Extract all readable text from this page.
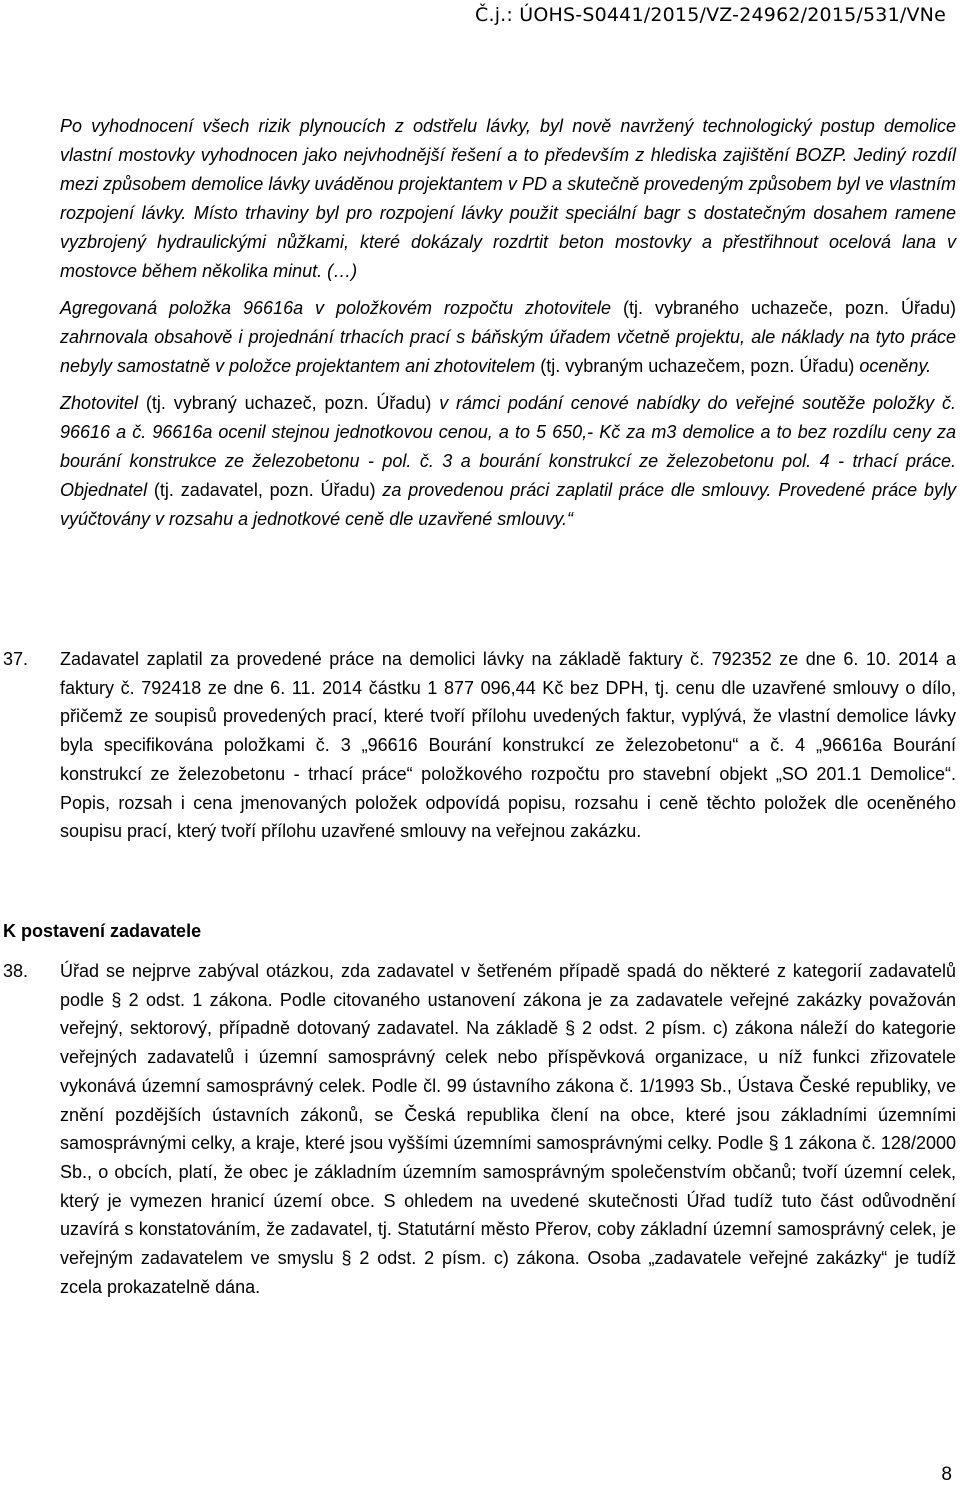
Č.j.: ÚOHS-S0441/2015/VZ-24962/2015/531/VNe

Po vyhodnocení všech rizik plynoucích z odstřelu lávky, byl nově navržený technologický postup demolice vlastní mostovky vyhodnocen jako nejvhodnější řešení a to především z hlediska zajištění BOZP. Jediný rozdíl mezi způsobem demolice lávky uváděnou projektantem v PD a skutečně provedeným způsobem byl ve vlastním rozpojení lávky. Místo trhaviny byl pro rozpojení lávky použit speciální bagr s dostatečným dosahem ramene vyzbrojený hydraulickými nůžkami, které dokázaly rozdrtit beton mostovky a přestřihnout ocelová lana v mostovce během několika minut. (…)

Agregovaná položka 96616a v položkovém rozpočtu zhotovitele (tj. vybraného uchazeče, pozn. Úřadu) zahrnovala obsahově i projednání trhacích prací s báňským úřadem včetně projektu, ale náklady na tyto práce nebyly samostatně v položce projektantem ani zhotovitelem (tj. vybraným uchazečem, pozn. Úřadu) oceněny.

Zhotovitel (tj. vybraný uchazeč, pozn. Úřadu) v rámci podání cenové nabídky do veřejné soutěže položky č. 96616 a č. 96616a ocenil stejnou jednotkovou cenou, a to 5 650,- Kč za m3 demolice a to bez rozdílu ceny za bourání konstrukce ze železobetonu - pol. č. 3 a bourání konstrukcí ze železobetonu pol. 4 - trhací práce. Objednatel (tj. zadavatel, pozn. Úřadu) za provedenou práci zaplatil práce dle smlouvy. Provedené práce byly vyúčtovány v rozsahu a jednotkové ceně dle uzavřené smlouvy.“

37. Zadavatel zaplatil za provedené práce na demolici lávky na základě faktury č. 792352 ze dne 6. 10. 2014 a faktury č. 792418 ze dne 6. 11. 2014 částku 1 877 096,44 Kč bez DPH, tj. cenu dle uzavřené smlouvy o dílo, přičemž ze soupisů provedených prací, které tvoří přílohu uvedených faktur, vyplývá, že vlastní demolice lávky byla specifikována položkami č. 3 „96616 Bourání konstrukcí ze železobetonu“ a č. 4 „96616a Bourání konstrukcí ze železobetonu - trhací práce“ položkového rozpočtu pro stavební objekt „SO 201.1 Demolice“. Popis, rozsah i cena jmenovaných položek odpovídá popisu, rozsahu i ceně těchto položek dle oceněného soupisu prací, který tvoří přílohu uzavřené smlouvy na veřejnou zakázku.
K postavení zadavatele
38. Úřad se nejprve zabýval otázkou, zda zadavatel v šetřeném případě spadá do některé z kategorií zadavatelů podle § 2 odst. 1 zákona. Podle citovaného ustanovení zákona je za zadavatele veřejné zakázky považován veřejný, sektorový, případně dotovaný zadavatel. Na základě § 2 odst. 2 písm. c) zákona náleží do kategorie veřejných zadavatelů i územní samosprávný celek nebo příspěvková organizace, u níž funkci zřizovatele vykonává územní samosprávný celek. Podle čl. 99 ústavního zákona č. 1/1993 Sb., Ústava České republiky, ve znění pozdějších ústavních zákonů, se Česká republika člení na obce, které jsou základními územními samosprávnými celky, a kraje, které jsou vyššími územními samosprávnými celky. Podle § 1 zákona č. 128/2000 Sb., o obcích, platí, že obec je základním územním samosprávným společenstvím občanů; tvoří územní celek, který je vymezen hranicí území obce. S ohledem na uvedené skutečnosti Úřad tudíž tuto část odůvodnění uzavírá s konstatováním, že zadavatel, tj. Statutární město Přerov, coby základní územní samosprávný celek, je veřejným zadavatelem ve smyslu § 2 odst. 2 písm. c) zákona. Osoba „zadavatele veřejné zakázky“ je tudíž zcela prokazatelně dána.
8
